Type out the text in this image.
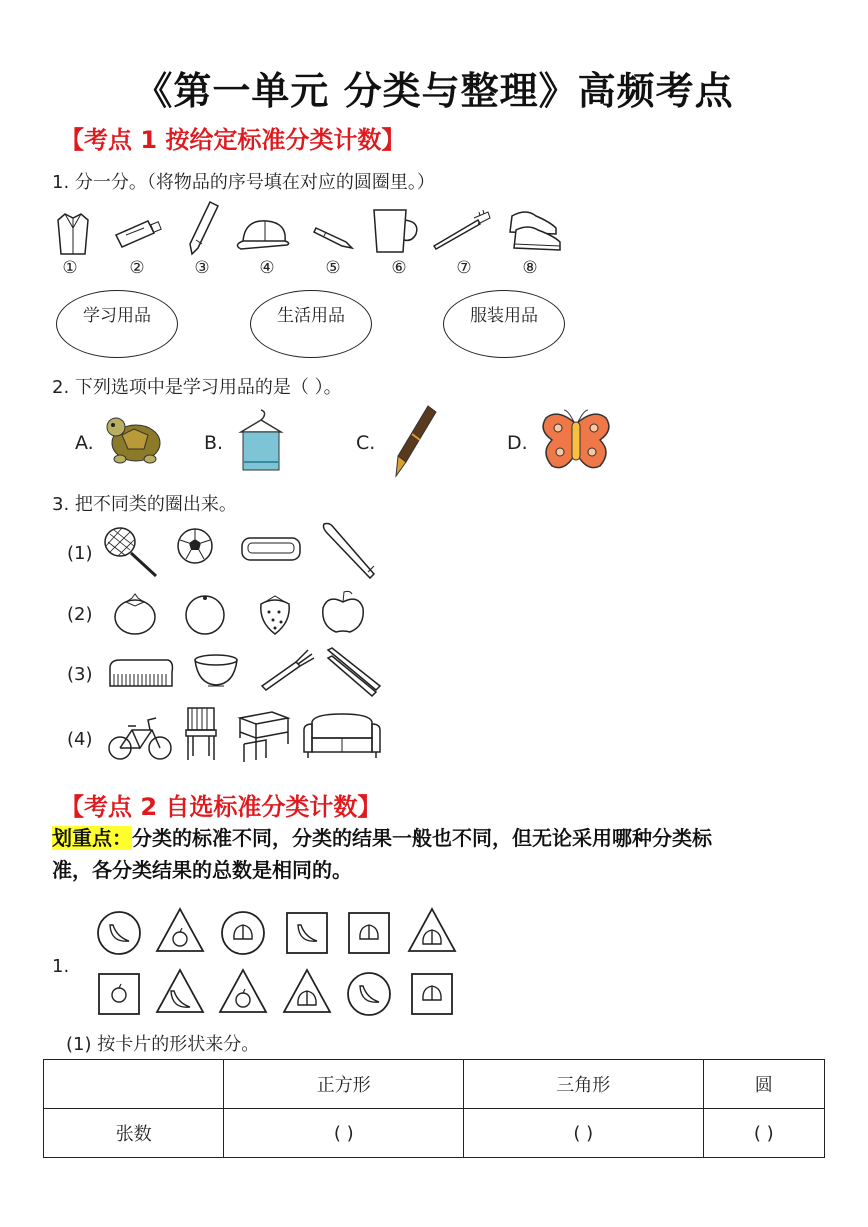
《第一单元 分类与整理》高频考点
【考点 1 按给定标准分类计数】
1. 分一分。（将物品的序号填在对应的圆圈里。）
①	②	③	④	⑤	⑥	⑦	⑧
学习用品	生活用品	服装用品
2. 下列选项中是学习用品的是（ ）。
A.	B.	C.	D.
3. 把不同类的圈出来。
(1)
(2)
(3)
(4)
【考点 2 自选标准分类计数】
划重点：分类的标准不同，分类的结果一般也不同，但无论采用哪种分类标
准，各分类结果的总数是相同的。
1.
(1) 按卡片的形状来分。
	正方形	三角形	圆
张数	( )	( )	( )
